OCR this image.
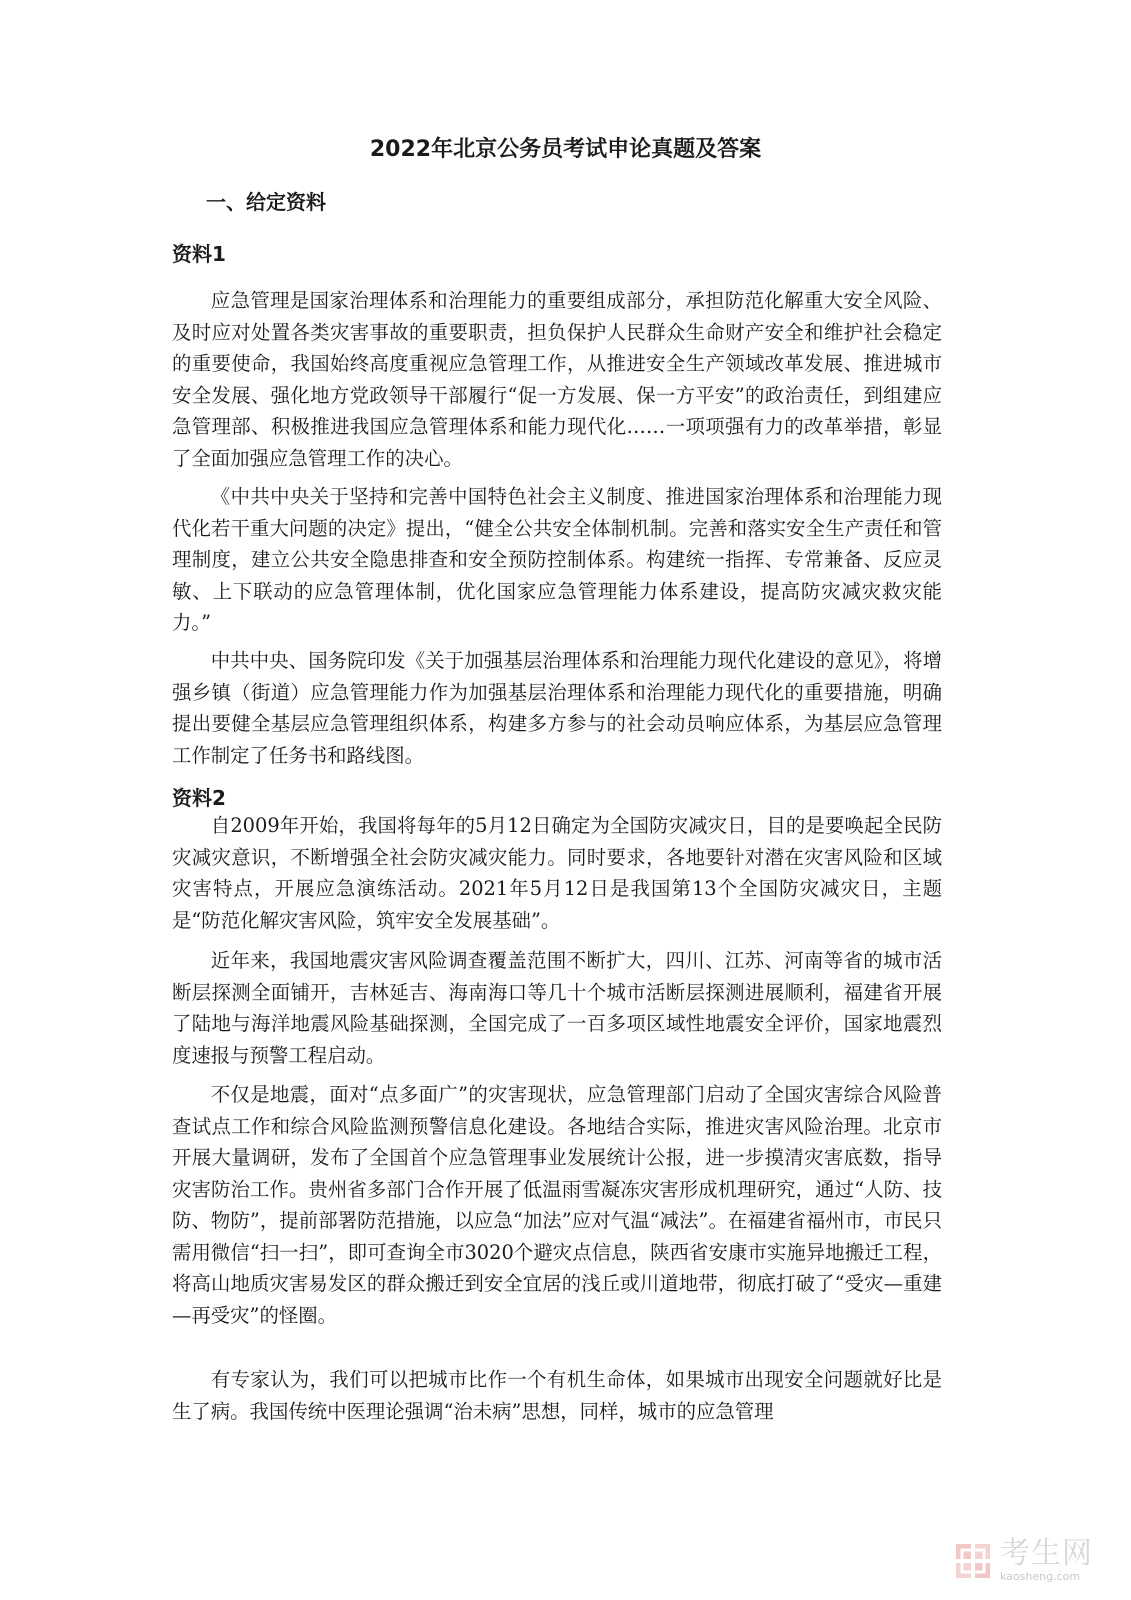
2022年北京公务员考试申论真题及答案
一、给定资料
资料1

应急管理是国家治理体系和治理能力的重要组成部分，承担防范化解重大安全风险、及时应对处置各类灾害事故的重要职责，担负保护人民群众生命财产安全和维护社会稳定的重要使命，我国始终高度重视应急管理工作，从推进安全生产领域改革发展、推进城市安全发展、强化地方党政领导干部履行“促一方发展、保一方平安”的政治责任，到组建应急管理部、积极推进我国应急管理体系和能力现代化……一项项强有力的改革举措，彰显了全面加强应急管理工作的决心。

《中共中央关于坚持和完善中国特色社会主义制度、推进国家治理体系和治理能力现代化若干重大问题的决定》提出，“健全公共安全体制机制。完善和落实安全生产责任和管理制度，建立公共安全隐患排查和安全预防控制体系。构建统一指挥、专常兼备、反应灵敏、上下联动的应急管理体制，优化国家应急管理能力体系建设，提高防灾减灾救灾能力。”

中共中央、国务院印发《关于加强基层治理体系和治理能力现代化建设的意见》，将增强乡镇（街道）应急管理能力作为加强基层治理体系和治理能力现代化的重要措施，明确提出要健全基层应急管理组织体系，构建多方参与的社会动员响应体系，为基层应急管理工作制定了任务书和路线图。

资料2

自2009年开始，我国将每年的5月12日确定为全国防灾减灾日，目的是要唤起全民防灾减灾意识，不断增强全社会防灾减灾能力。同时要求，各地要针对潜在灾害风险和区域灾害特点，开展应急演练活动。2021年5月12日是我国第13个全国防灾减灾日，主题是“防范化解灾害风险，筑牢安全发展基础”。

近年来，我国地震灾害风险调查覆盖范围不断扩大，四川、江苏、河南等省的城市活断层探测全面铺开，吉林延吉、海南海口等几十个城市活断层探测进展顺利，福建省开展了陆地与海洋地震风险基础探测，全国完成了一百多项区域性地震安全评价，国家地震烈度速报与预警工程启动。

不仅是地震，面对“点多面广”的灾害现状，应急管理部门启动了全国灾害综合风险普查试点工作和综合风险监测预警信息化建设。各地结合实际，推进灾害风险治理。北京市开展大量调研，发布了全国首个应急管理事业发展统计公报，进一步摸清灾害底数，指导灾害防治工作。贵州省多部门合作开展了低温雨雪凝冻灾害形成机理研究，通过“人防、技防、物防”，提前部署防范措施，以应急“加法”应对气温“减法”。在福建省福州市，市民只需用微信“扫一扫”，即可查询全市3020个避灾点信息，陕西省安康市实施异地搬迁工程，将高山地质灾害易发区的群众搬迁到安全宜居的浅丘或川道地带，彻底打破了“受灾—重建—再受灾”的怪圈。

有专家认为，我们可以把城市比作一个有机生命体，如果城市出现安全问题就好比是生了病。我国传统中医理论强调“治未病”思想，同样，城市的应急管理

考生网
kaosheng.com
